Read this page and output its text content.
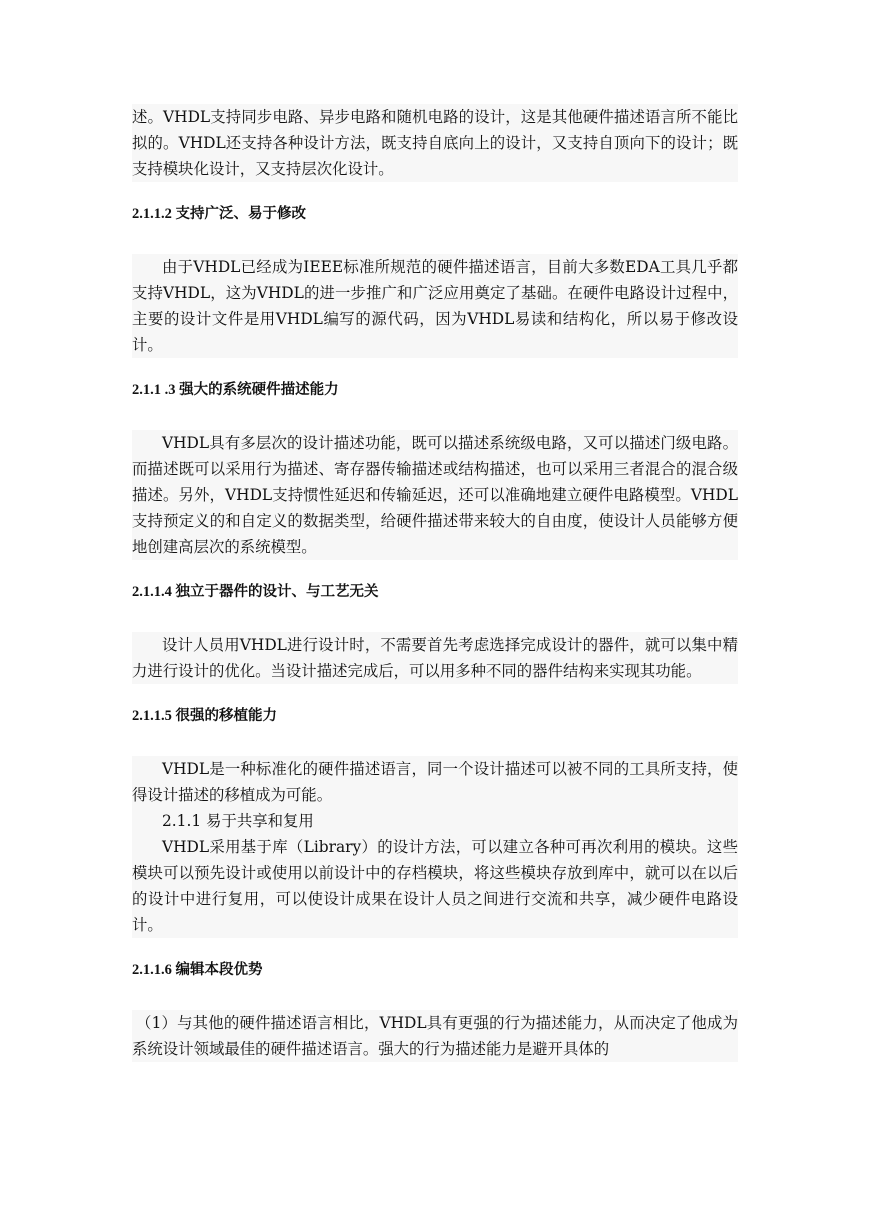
述。VHDL支持同步电路、异步电路和随机电路的设计，这是其他硬件描述语言所不能比拟的。VHDL还支持各种设计方法，既支持自底向上的设计，又支持自顶向下的设计；既支持模块化设计，又支持层次化设计。

2.1.1.2 支持广泛、易于修改

由于VHDL已经成为IEEE标准所规范的硬件描述语言，目前大多数EDA工具几乎都支持VHDL，这为VHDL的进一步推广和广泛应用奠定了基础。在硬件电路设计过程中，主要的设计文件是用VHDL编写的源代码，因为VHDL易读和结构化，所以易于修改设计。

2.1.1 .3 强大的系统硬件描述能力

VHDL具有多层次的设计描述功能，既可以描述系统级电路，又可以描述门级电路。而描述既可以采用行为描述、寄存器传输描述或结构描述，也可以采用三者混合的混合级描述。另外，VHDL支持惯性延迟和传输延迟，还可以准确地建立硬件电路模型。VHDL支持预定义的和自定义的数据类型，给硬件描述带来较大的自由度，使设计人员能够方便地创建高层次的系统模型。

2.1.1.4 独立于器件的设计、与工艺无关

设计人员用VHDL进行设计时，不需要首先考虑选择完成设计的器件，就可以集中精力进行设计的优化。当设计描述完成后，可以用多种不同的器件结构来实现其功能。

2.1.1.5 很强的移植能力
VHDL是一种标准化的硬件描述语言，同一个设计描述可以被不同的工具所支持，使得设计描述的移植成为可能。
2.1.1 易于共享和复用
VHDL采用基于库（Library）的设计方法，可以建立各种可再次利用的模块。这些模块可以预先设计或使用以前设计中的存档模块，将这些模块存放到库中，就可以在以后的设计中进行复用，可以使设计成果在设计人员之间进行交流和共享，减少硬件电路设计。
2.1.1.6 编辑本段优势

（1）与其他的硬件描述语言相比，VHDL具有更强的行为描述能力，从而决定了他成为系统设计领域最佳的硬件描述语言。强大的行为描述能力是避开具体的
